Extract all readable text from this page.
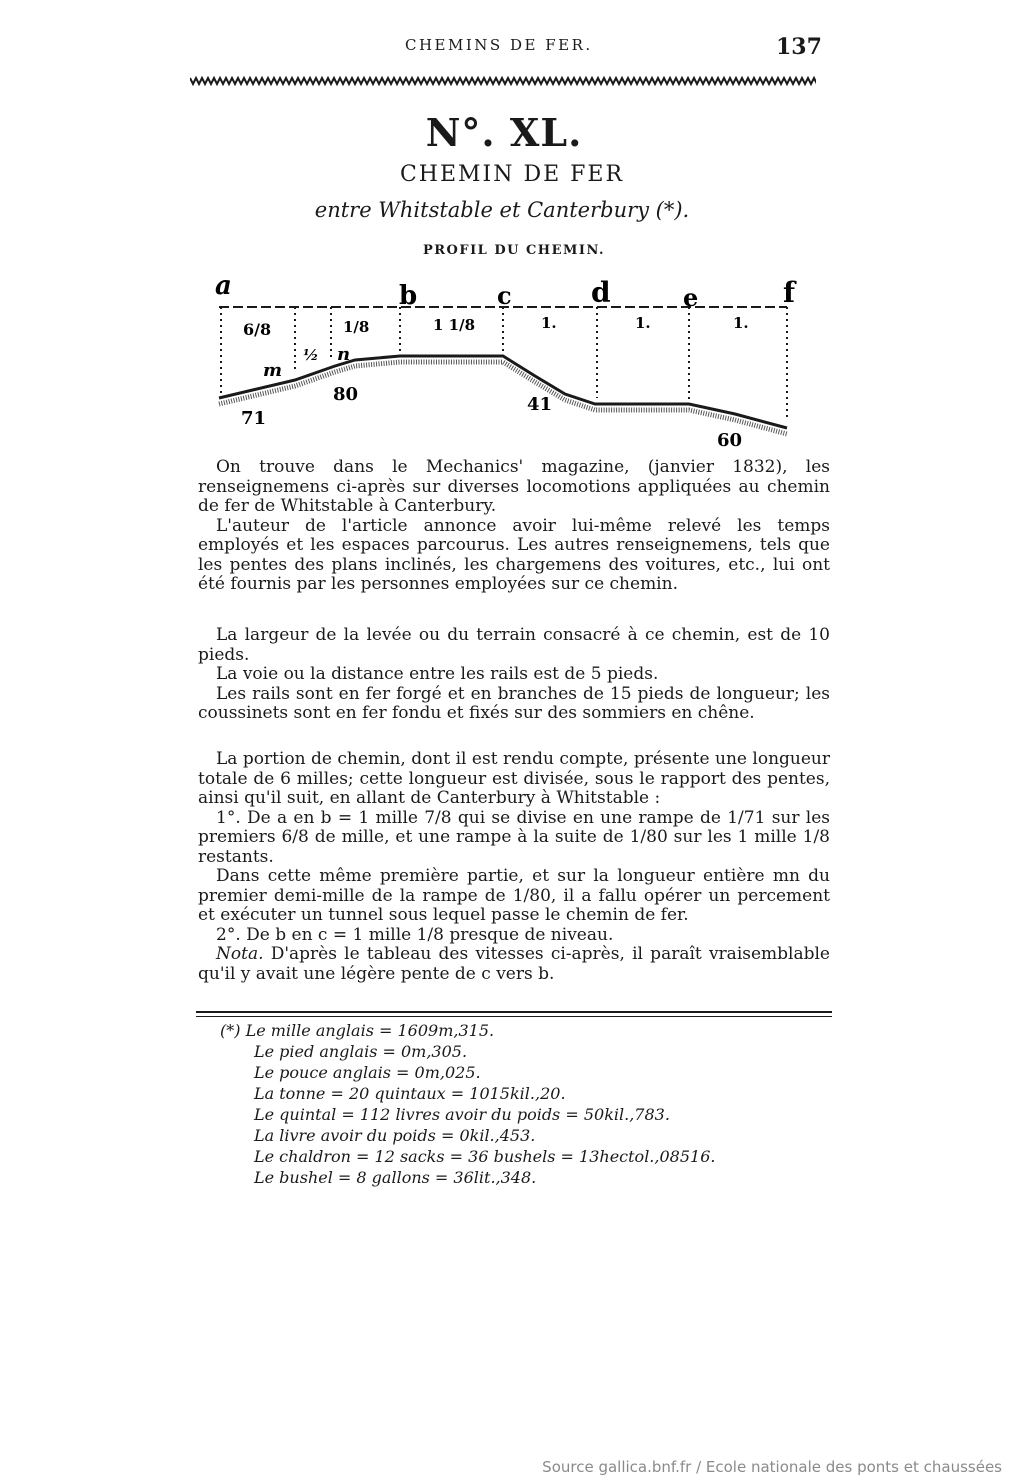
CHEMINS DE FER.	137
N°. XL.
CHEMIN DE FER
entre Whitstable et Canterbury (*).
PROFIL DU CHEMIN.
a	b	c	d	e	f
6/8	1/8	1 1/8	1.	1.	1.
m
½ n
71
80	41
60

On trouve dans le Mechanics' magazine, (janvier 1832), les renseignemens ci-après sur diverses locomotions appliquées au chemin de fer de Whitstable à Canterbury.

L'auteur de l'article annonce avoir lui-même relevé les temps employés et les espaces parcourus. Les autres renseignemens, tels que les pentes des plans inclinés, les chargemens des voitures, etc., lui ont été fournis par les personnes employées sur ce chemin.

La largeur de la levée ou du terrain consacré à ce chemin, est de 10 pieds.

La voie ou la distance entre les rails est de 5 pieds.

Les rails sont en fer forgé et en branches de 15 pieds de longueur; les coussinets sont en fer fondu et fixés sur des sommiers en chêne.

La portion de chemin, dont il est rendu compte, présente une longueur totale de 6 milles; cette longueur est divisée, sous le rapport des pentes, ainsi qu'il suit, en allant de Canterbury à Whitstable :

1°. De a en b = 1 mille 7/8 qui se divise en une rampe de 1/71 sur les premiers 6/8 de mille, et une rampe à la suite de 1/80 sur les 1 mille 1/8 restants.

Dans cette même première partie, et sur la longueur entière mn du premier demi-mille de la rampe de 1/80, il a fallu opérer un percement et exécuter un tunnel sous lequel passe le chemin de fer.

2°. De b en c = 1 mille 1/8 presque de niveau.

Nota. D'après le tableau des vitesses ci-après, il paraît vraisemblable qu'il y avait une légère pente de c vers b.

(*) Le mille anglais = 1609m,315.
Le pied anglais = 0m,305.
Le pouce anglais = 0m,025.
La tonne = 20 quintaux = 1015kil.,20.
Le quintal = 112 livres avoir du poids = 50kil.,783.
La livre avoir du poids = 0kil.,453.
Le chaldron = 12 sacks = 36 bushels = 13hectol.,08516.
Le bushel = 8 gallons = 36lit.,348.
Source gallica.bnf.fr / Ecole nationale des ponts et chaussées
